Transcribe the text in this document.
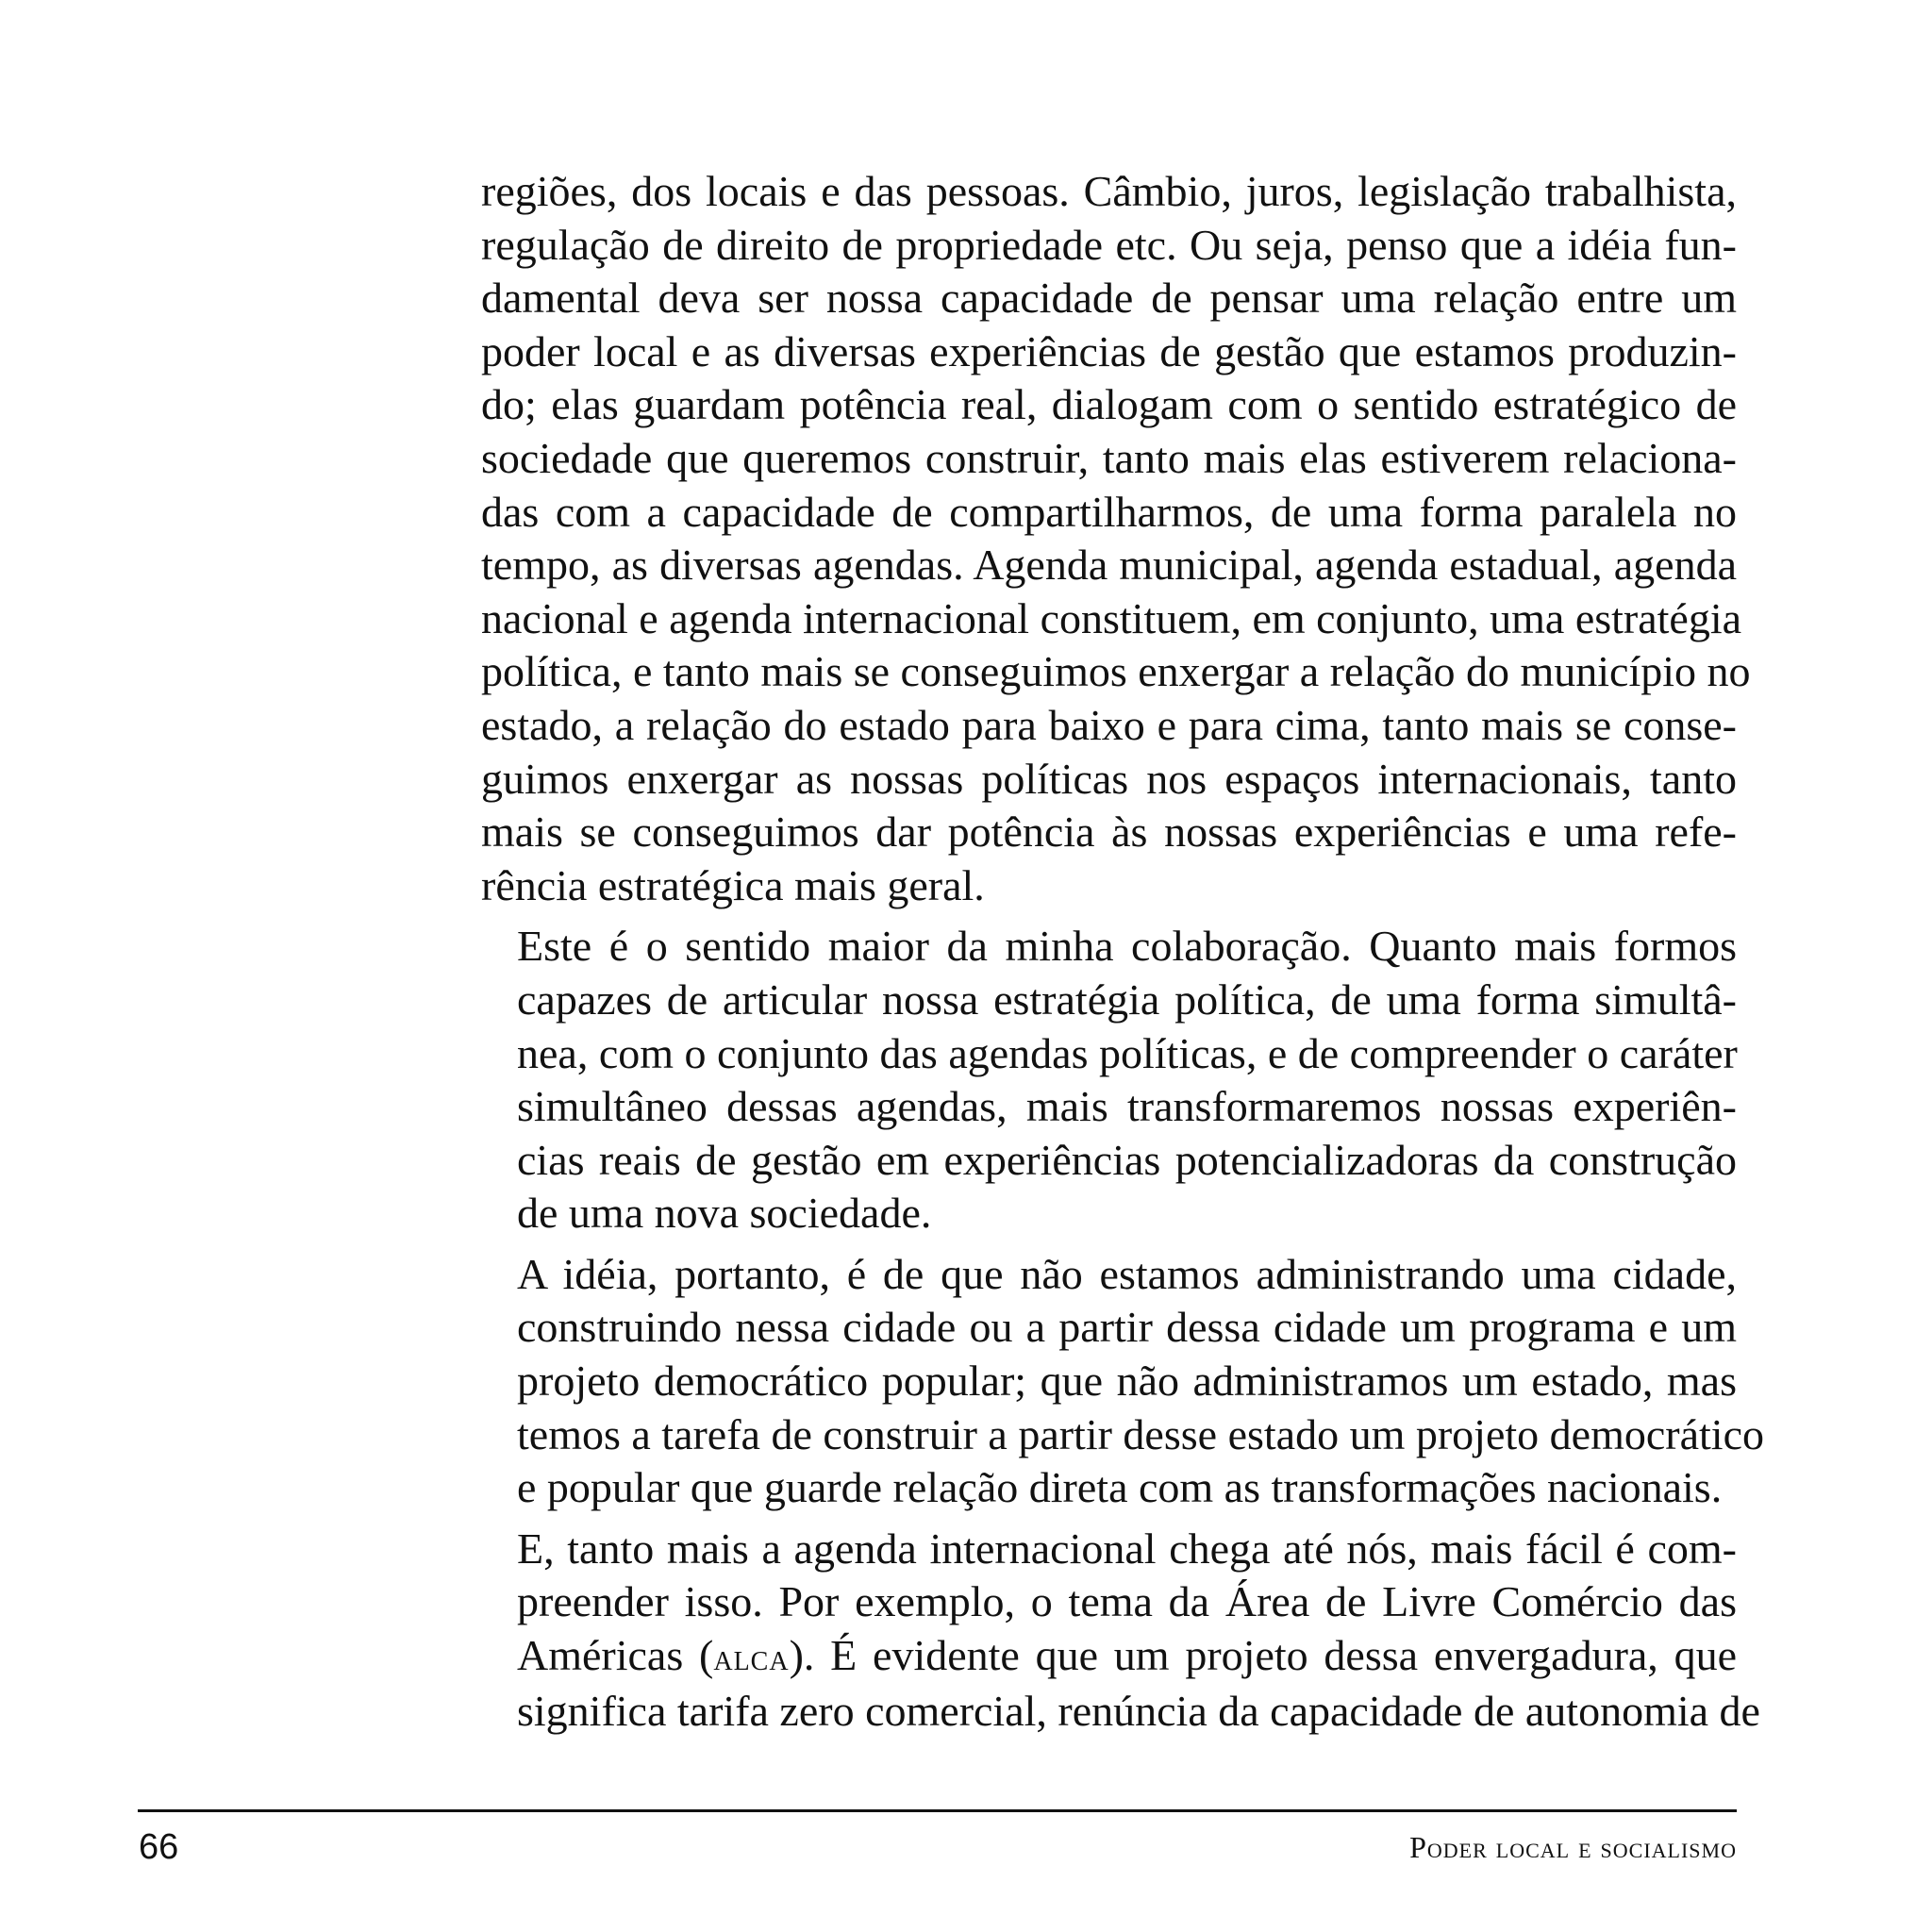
regiões, dos locais e das pessoas. Câmbio, juros, legislação trabalhista,
regulação de direito de propriedade etc. Ou seja, penso que a idéia fun-
damental deva ser nossa capacidade de pensar uma relação entre um
poder local e as diversas experiências de gestão que estamos produzin-
do; elas guardam potência real, dialogam com o sentido estratégico de
sociedade que queremos construir, tanto mais elas estiverem relaciona-
das com a capacidade de compartilharmos, de uma forma paralela no
tempo, as diversas agendas. Agenda municipal, agenda estadual, agenda
nacional e agenda internacional constituem, em conjunto, uma estratégia
política, e tanto mais se conseguimos enxergar a relação do município no
estado, a relação do estado para baixo e para cima, tanto mais se conse-
guimos enxergar as nossas políticas nos espaços internacionais, tanto
mais se conseguimos dar potência às nossas experiências e uma refe-
rência estratégica mais geral.

Este é o sentido maior da minha colaboração. Quanto mais formos
capazes de articular nossa estratégia política, de uma forma simultâ-
nea, com o conjunto das agendas políticas, e de compreender o caráter
simultâneo dessas agendas, mais transformaremos nossas experiên-
cias reais de gestão em experiências potencializadoras da construção
de uma nova sociedade.

A idéia, portanto, é de que não estamos administrando uma cidade,
construindo nessa cidade ou a partir dessa cidade um programa e um
projeto democrático popular; que não administramos um estado, mas
temos a tarefa de construir a partir desse estado um projeto democrático
e popular que guarde relação direta com as transformações nacionais.

E, tanto mais a agenda internacional chega até nós, mais fácil é com-
preender isso. Por exemplo, o tema da Área de Livre Comércio das
Américas (alca). É evidente que um projeto dessa envergadura, que
significa tarifa zero comercial, renúncia da capacidade de autonomia de

66	Poder local e socialismo
